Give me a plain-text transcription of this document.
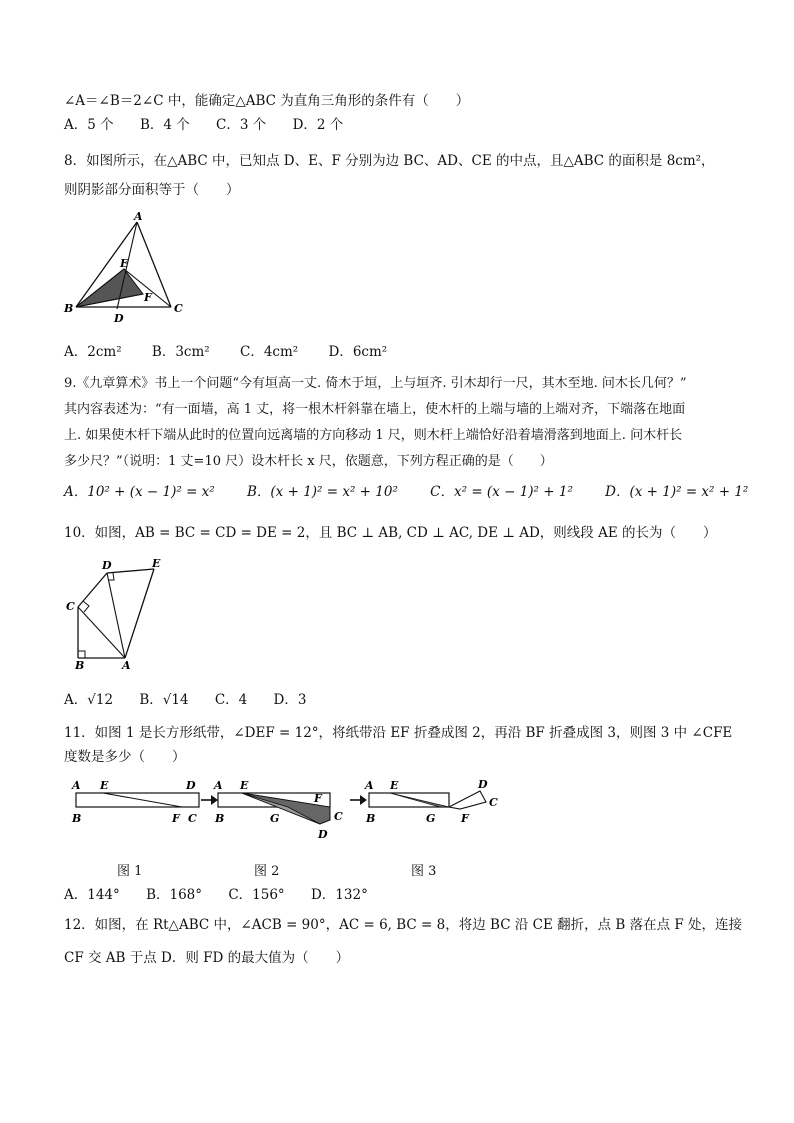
∠A＝∠B＝2∠C 中，能确定△ABC 为直角三角形的条件有（　　）
A．5 个 B．4 个 C．3 个 D．2 个
8．如图所示，在△ABC 中，已知点 D、E、F 分别为边 BC、AD、CE 的中点，且△ABC 的面积是 8cm²，
则阴影部分面积等于（　　）
A
B	C
D
E
F
A．2cm² B．3cm² C．4cm² D．6cm²
9.《九章算术》书上一个问题“今有垣高一丈. 倚木于垣，上与垣齐. 引木却行一尺，其木至地. 问木长几何？”
其内容表述为：“有一面墙，高 1 丈，将一根木杆斜靠在墙上，使木杆的上端与墙的上端对齐，下端落在地面
上. 如果使木杆下端从此时的位置向远离墙的方向移动 1 尺，则木杆上端恰好沿着墙滑落到地面上. 问木杆长
多少尺？”（说明：1 丈=10 尺）设木杆长 x 尺，依题意，下列方程正确的是（　　）
A．10² + (x − 1)² = x² B．(x + 1)² = x² + 10² C．x² = (x − 1)² + 1² D．(x + 1)² = x² + 1²
10．如图，AB = BC = CD = DE = 2，且 BC ⊥ AB, CD ⊥ AC, DE ⊥ AD，则线段 AE 的长为（　　）
A
B
C
D	E
A．√12 B．√14 C．4 D．3
11．如图 1 是长方形纸带，∠DEF = 12°，将纸带沿 EF 折叠成图 2，再沿 BF 折叠成图 3，则图 3 中 ∠CFE
度数是多少（　　）
A E	D
B	F C
A E
F
C
B	G
D
A E	D
C
B	G F
图 1	图 2	图 3
A．144° B．168° C．156° D．132°
12．如图，在 Rt△ABC 中，∠ACB = 90°，AC = 6, BC = 8，将边 BC 沿 CE 翻折，点 B 落在点 F 处，连接
CF 交 AB 于点 D．则 FD 的最大值为（　　）
